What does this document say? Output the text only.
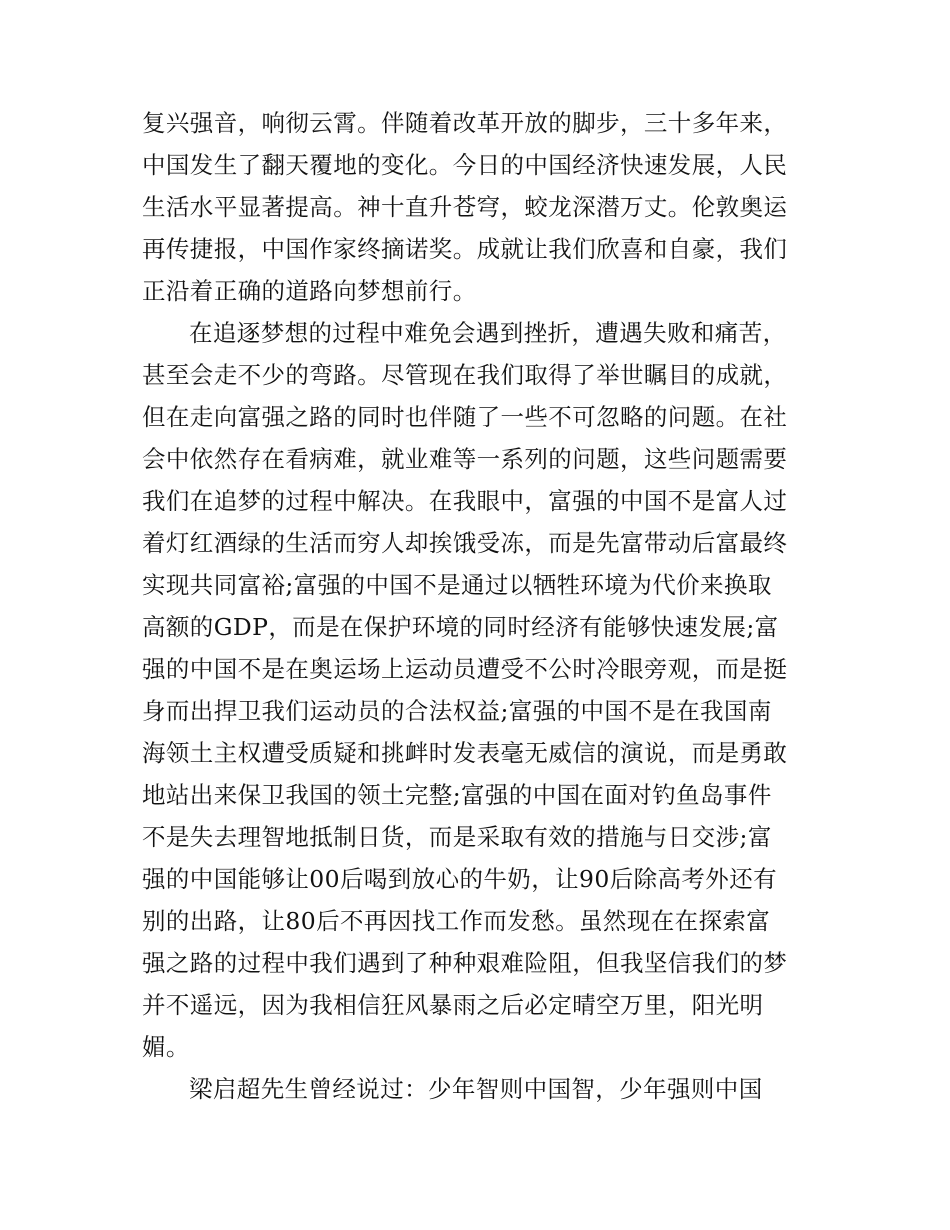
复兴强音，响彻云霄。伴随着改革开放的脚步，三十多年来，
中国发生了翻天覆地的变化。今日的中国经济快速发展，人民
生活水平显著提高。神十直升苍穹，蛟龙深潜万丈。伦敦奥运
再传捷报，中国作家终摘诺奖。成就让我们欣喜和自豪，我们
正沿着正确的道路向梦想前行。
在追逐梦想的过程中难免会遇到挫折，遭遇失败和痛苦，
甚至会走不少的弯路。尽管现在我们取得了举世瞩目的成就，
但在走向富强之路的同时也伴随了一些不可忽略的问题。在社
会中依然存在看病难，就业难等一系列的问题，这些问题需要
我们在追梦的过程中解决。在我眼中，富强的中国不是富人过
着灯红酒绿的生活而穷人却挨饿受冻，而是先富带动后富最终
实现共同富裕;富强的中国不是通过以牺牲环境为代价来换取
高额的GDP，而是在保护环境的同时经济有能够快速发展;富
强的中国不是在奥运场上运动员遭受不公时冷眼旁观，而是挺
身而出捍卫我们运动员的合法权益;富强的中国不是在我国南
海领土主权遭受质疑和挑衅时发表毫无威信的演说，而是勇敢
地站出来保卫我国的领土完整;富强的中国在面对钓鱼岛事件
不是失去理智地抵制日货，而是采取有效的措施与日交涉;富
强的中国能够让00后喝到放心的牛奶，让90后除高考外还有
别的出路，让80后不再因找工作而发愁。虽然现在在探索富
强之路的过程中我们遇到了种种艰难险阻，但我坚信我们的梦
并不遥远，因为我相信狂风暴雨之后必定晴空万里，阳光明
媚。
梁启超先生曾经说过：少年智则中国智，少年强则中国
